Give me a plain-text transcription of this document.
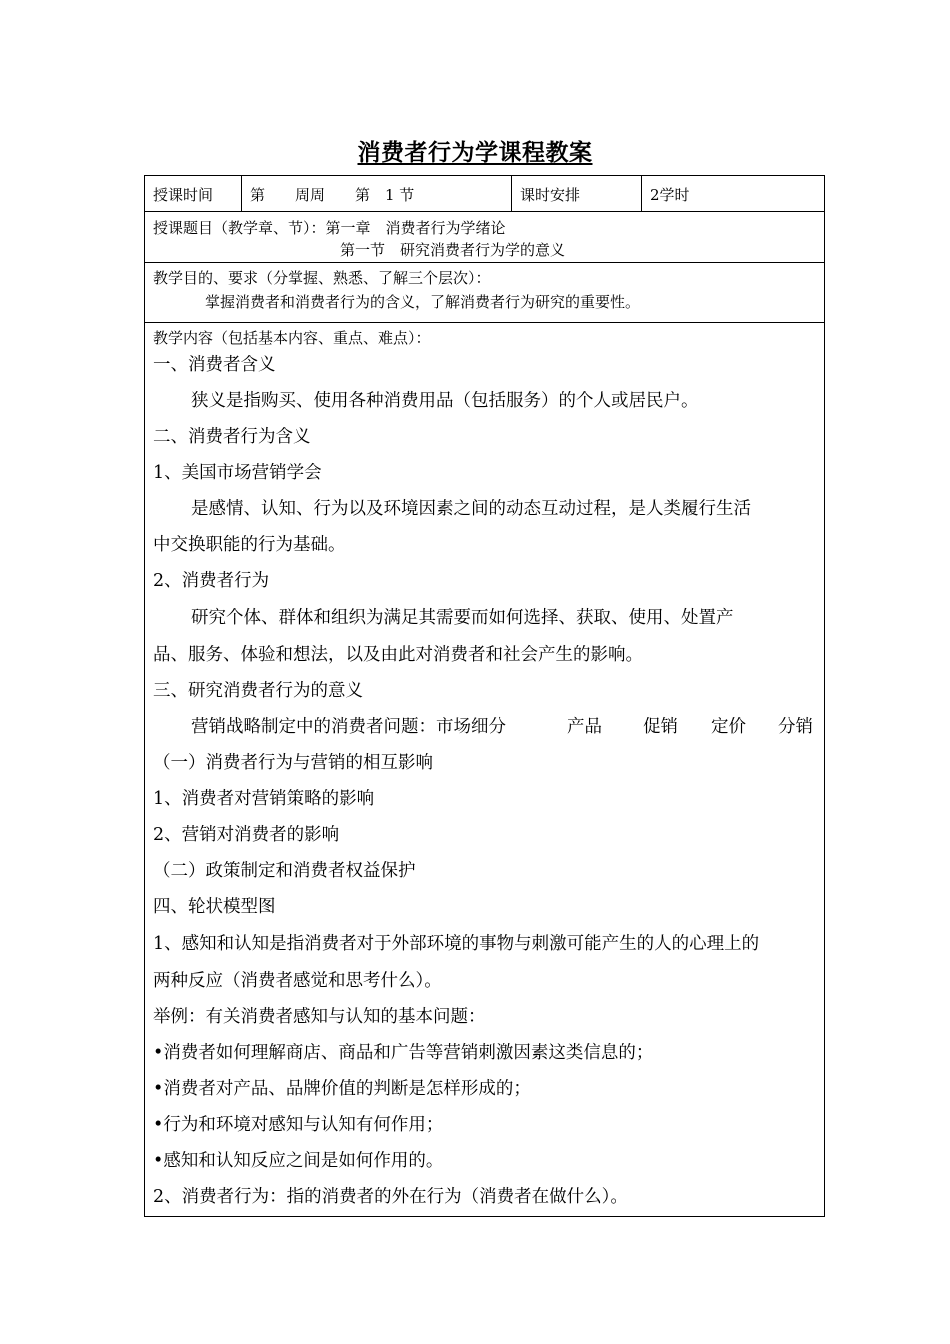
消费者行为学课程教案
授课时间	第　　周周　　第　1 节	课时安排	2学时
授课题目（教学章、节）：第一章　消费者行为学绪论
第一节　研究消费者行为学的意义
教学目的、要求（分掌握、熟悉、了解三个层次）：
掌握消费者和消费者行为的含义，了解消费者行为研究的重要性。
教学内容（包括基本内容、重点、难点）：
一、消费者含义
狭义是指购买、使用各种消费用品（包括服务）的个人或居民户。
二、消费者行为含义
1、美国市场营销学会
是感情、认知、行为以及环境因素之间的动态互动过程，是人类履行生活
中交换职能的行为基础。
2、消费者行为
研究个体、群体和组织为满足其需要而如何选择、获取、使用、处置产
品、服务、体验和想法，以及由此对消费者和社会产生的影响。
三、研究消费者行为的意义
营销战略制定中的消费者问题：市场细分	产品 促销 定价 分销
（一）消费者行为与营销的相互影响
1、消费者对营销策略的影响
2、营销对消费者的影响
（二）政策制定和消费者权益保护
四、轮状模型图
1、感知和认知是指消费者对于外部环境的事物与刺激可能产生的人的心理上的
两种反应（消费者感觉和思考什么）。
举例：有关消费者感知与认知的基本问题：
•消费者如何理解商店、商品和广告等营销刺激因素这类信息的；
•消费者对产品、品牌价值的判断是怎样形成的；
•行为和环境对感知与认知有何作用；
•感知和认知反应之间是如何作用的。
2、消费者行为：指的消费者的外在行为（消费者在做什么）。
